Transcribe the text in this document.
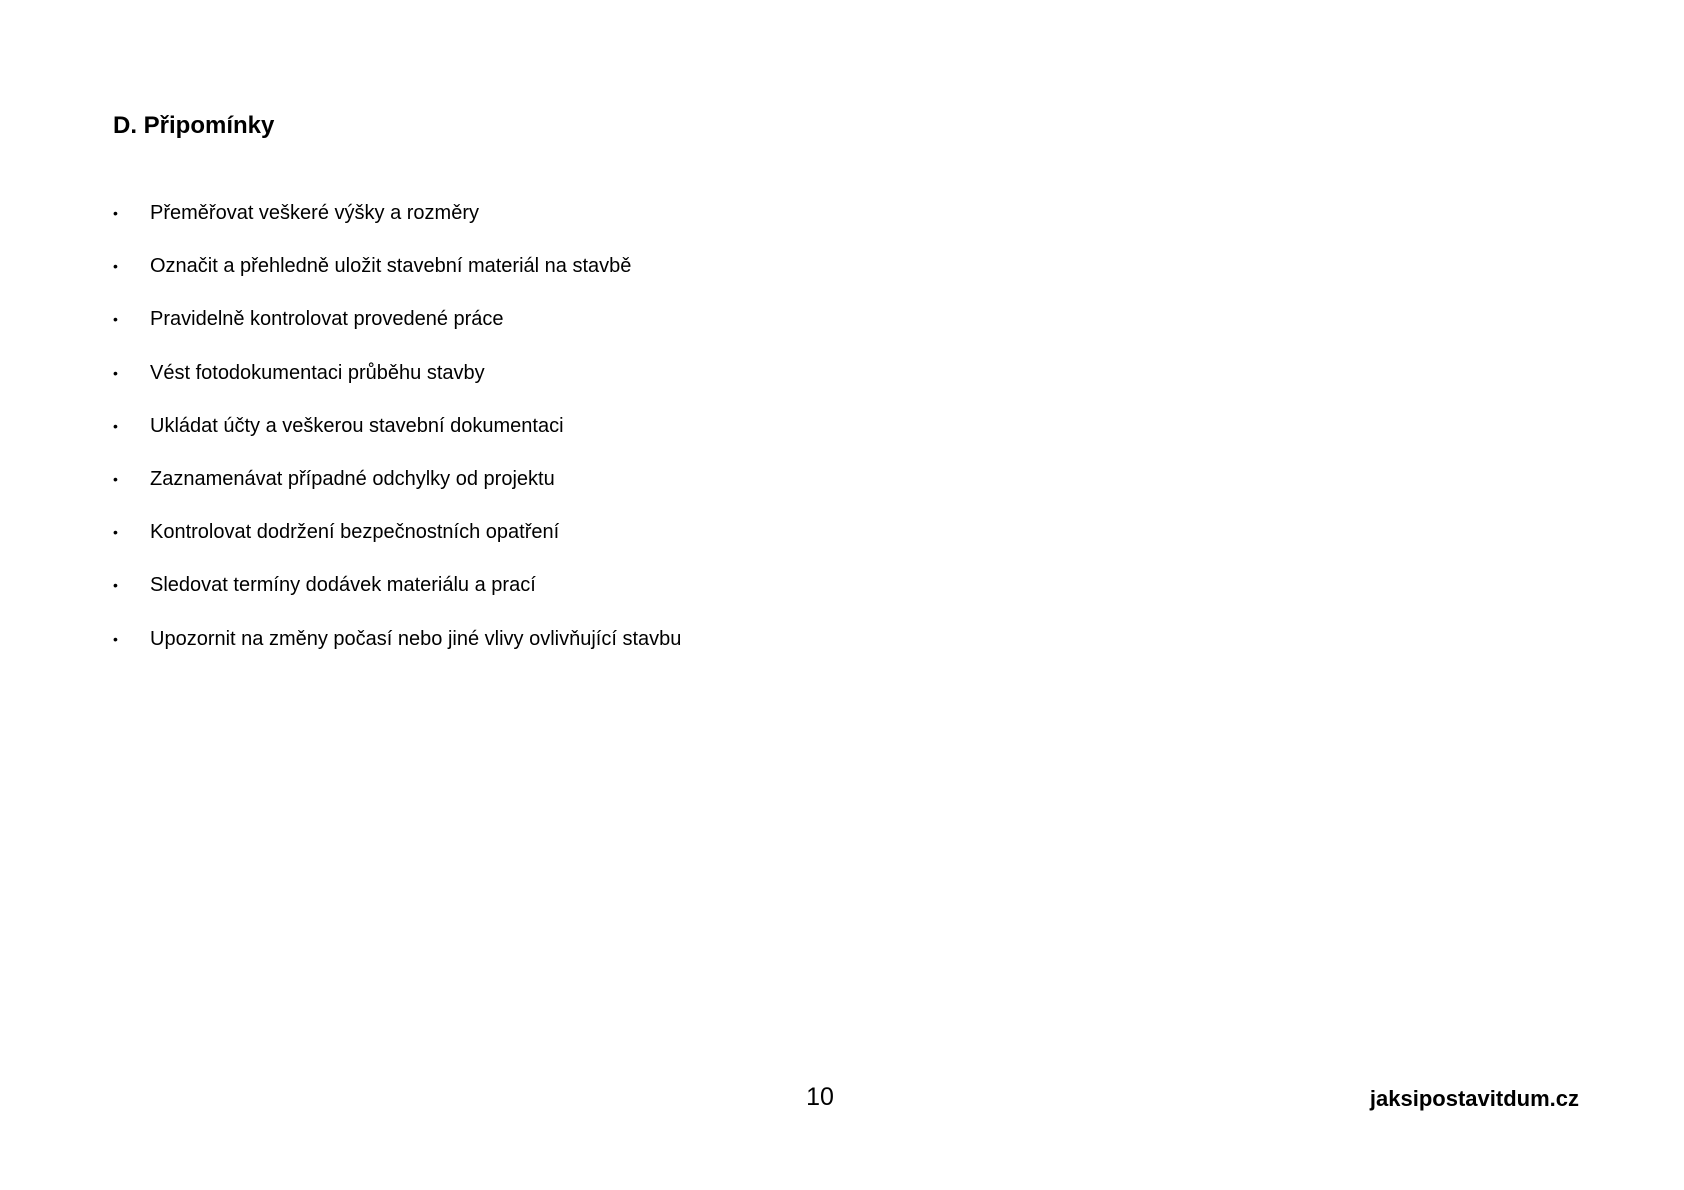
D. Připomínky
• Přeměřovat veškeré výšky a rozměry
• Označit a přehledně uložit stavební materiál na stavbě
• Pravidelně kontrolovat provedené práce
• Vést fotodokumentaci průběhu stavby
• Ukládat účty a veškerou stavební dokumentaci
• Zaznamenávat případné odchylky od projektu
• Kontrolovat dodržení bezpečnostních opatření
• Sledovat termíny dodávek materiálu a prací
• Upozornit na změny počasí nebo jiné vlivy ovlivňující stavbu
10	jaksipostavitdum.cz
